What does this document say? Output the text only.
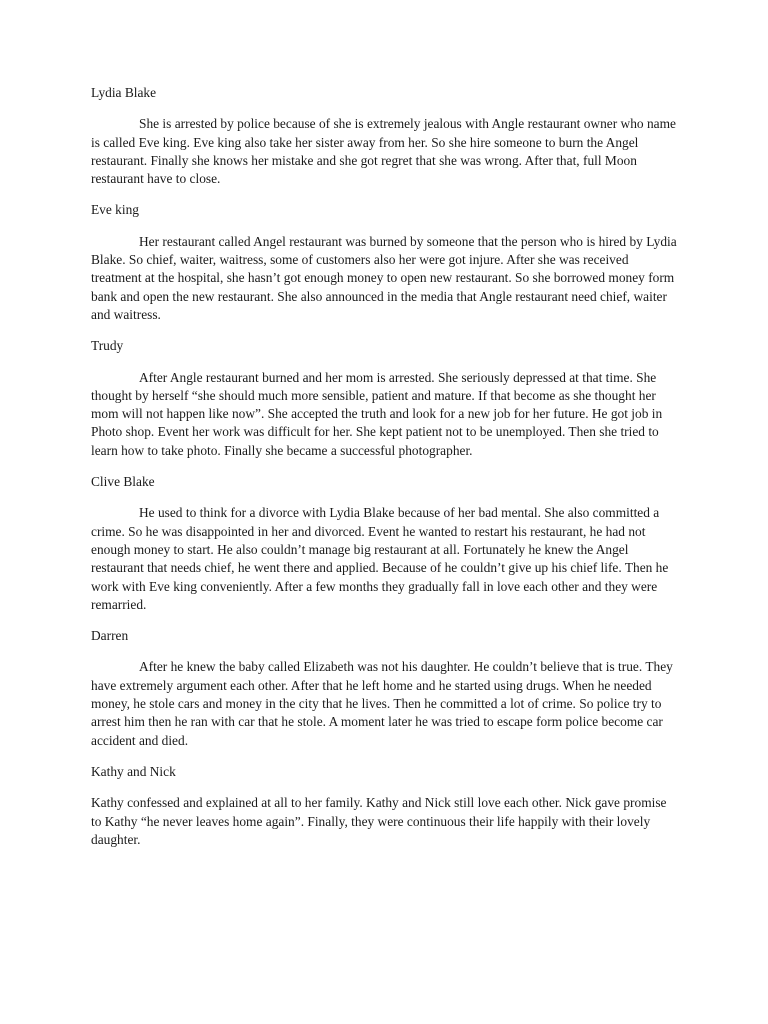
Lydia Blake
She is arrested by police because of she is extremely jealous with Angle restaurant owner who name is called Eve king. Eve king also take her sister away from her. So she hire someone to burn the Angel restaurant. Finally she knows her mistake and she got regret that she was wrong. After that, full Moon restaurant have to close.
Eve king
Her restaurant called Angel restaurant was burned by someone that the person who is hired by Lydia Blake. So chief, waiter, waitress, some of customers also her were got injure. After she was received treatment at the hospital, she hasn’t got enough money to open new restaurant. So she borrowed money form bank and open the new restaurant. She also announced in the media that Angle restaurant need chief, waiter and waitress.
Trudy
After Angle restaurant burned and her mom is arrested. She seriously depressed at that time. She thought by herself “she should much more sensible, patient and mature. If that become as she thought her mom will not happen like now”. She accepted the truth and look for a new job for her future. He got job in Photo shop. Event her work was difficult for her. She kept patient not to be unemployed. Then she tried to learn how to take photo. Finally she became a successful photographer.
Clive Blake
He used to think for a divorce with Lydia Blake because of her bad mental. She also committed a crime. So he was disappointed in her and divorced. Event he wanted to restart his restaurant, he had not enough money to start. He also couldn’t manage big restaurant at all. Fortunately he knew the Angel restaurant that needs chief, he went there and applied. Because of he couldn’t give up his chief life. Then he work with Eve king conveniently. After a few months they gradually fall in love each other and they were remarried.
Darren
After he knew the baby called Elizabeth was not his daughter. He couldn’t believe that is true. They have extremely argument each other. After that he left home and he started using drugs. When he needed money, he stole cars and money in the city that he lives. Then he committed a lot of crime. So police try to arrest him then he ran with car that he stole. A moment later he was tried to escape form police become car accident and died.
Kathy and Nick
Kathy confessed and explained at all to her family. Kathy and Nick still love each other. Nick gave promise to Kathy “he never leaves home again”. Finally, they were continuous their life happily with their lovely daughter.
